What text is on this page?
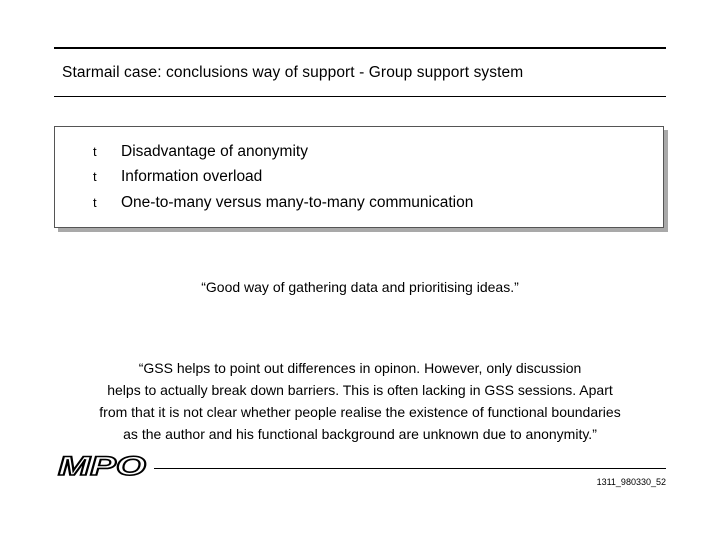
Starmail case: conclusions way of support - Group support system
t Disadvantage of anonymity
t Information overload
t One-to-many versus many-to-many communication
“Good way of gathering data and prioritising ideas.”
“GSS helps to point out differences in opinon. However, only discussion
helps to actually break down barriers. This is often lacking in GSS sessions. Apart
from that it is not clear whether people realise the existence of functional boundaries
as the author and his functional background are unknown due to anonymity.”
MPO
1311_980330_52
